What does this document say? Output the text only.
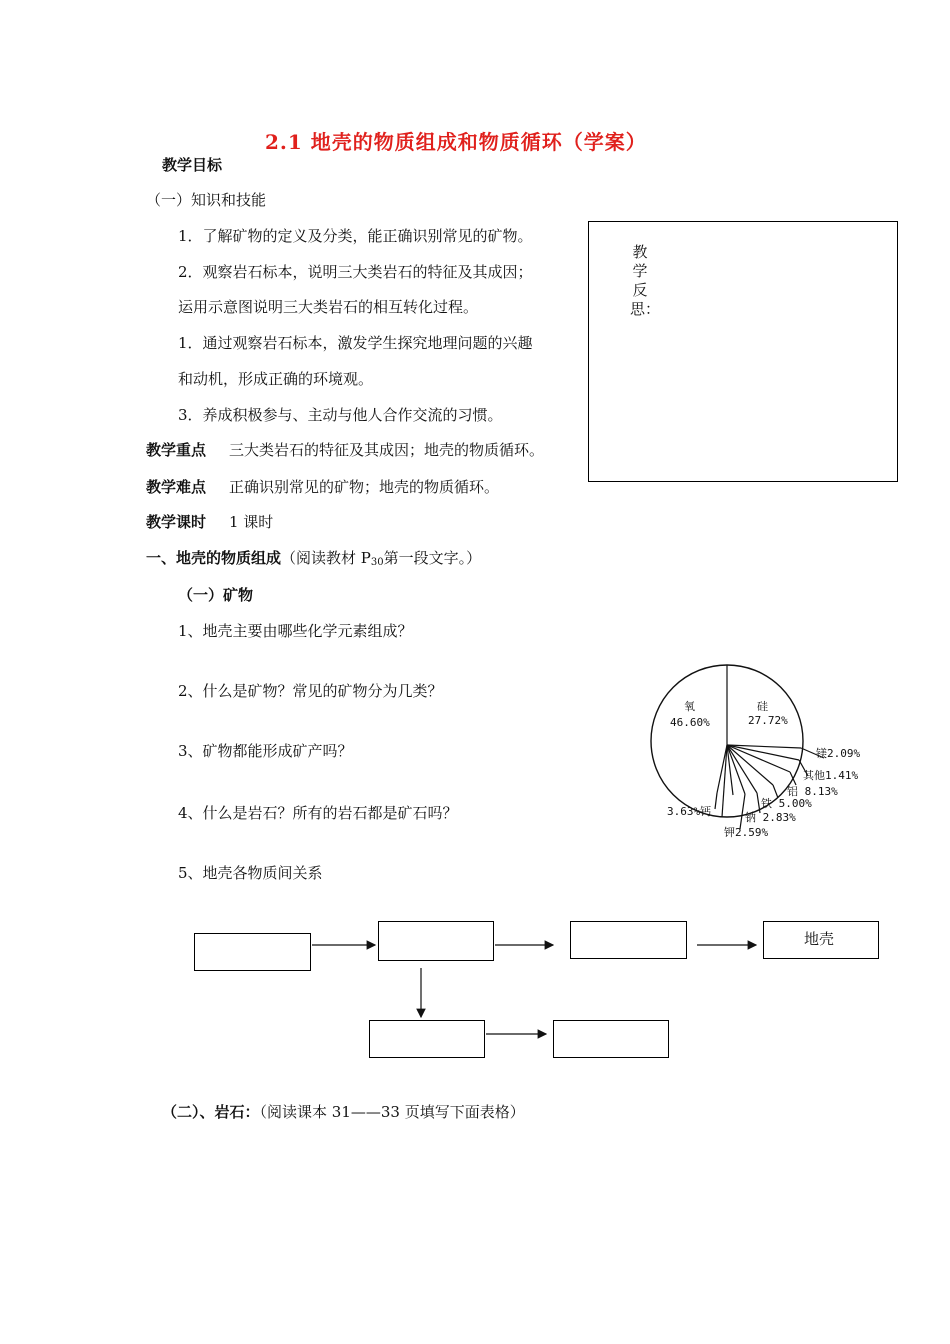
2.1 地壳的物质组成和物质循环（学案）
教学目标
（一）知识和技能
1．了解矿物的定义及分类，能正确识别常见的矿物。
2．观察岩石标本，说明三大类岩石的特征及其成因；
运用示意图说明三大类岩石的相互转化过程。
1．通过观察岩石标本，激发学生探究地理问题的兴趣
和动机，形成正确的环境观。
3．养成积极参与、主动与他人合作交流的习惯。
教学重点 三大类岩石的特征及其成因；地壳的物质循环。
教学难点 正确识别常见的矿物；地壳的物质循环。
教学课时 1 课时
教学反思：
一、地壳的物质组成（阅读教材 $P_{30}$第一段文字。）
（一）矿物
1、地壳主要由哪些化学元素组成？
2、什么是矿物？常见的矿物分为几类？
3、矿物都能形成矿产吗？
4、什么是岩石？所有的岩石都是矿石吗？
5、地壳各物质间关系
氧
46.60%
硅
27.72%
镁2.09%
其他1.41%
铝 8.13%
铁 5.00%
钠 2.83%
钾2.59%
3.63%钙
地壳
（二）、岩石：（阅读课本 31——33 页填写下面表格）
